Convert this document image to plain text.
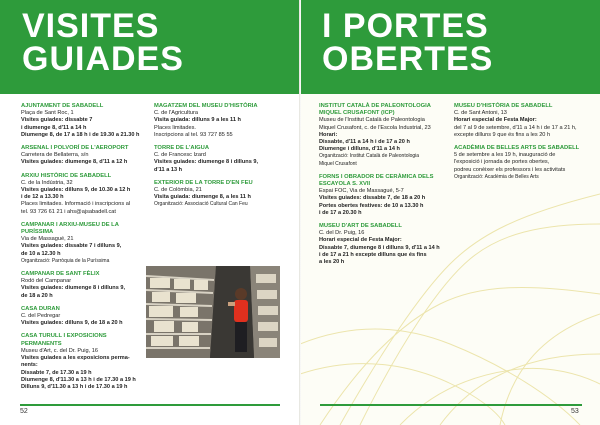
VISITES
GUIADES
AJUNTAMENT DE SABADELL
Plaça de Sant Roc, 1
Visites guiades: dissabte 7
i diumenge 8, d'11 a 14 h
Diumenge 8, de 17 a 18 h i de 19.30 a 21.30 h
ARSENAL I POLVORÍ DE L'AEROPORT
Carretera de Bellaterra, s/n
Visites guiades: diumenge 8, d'11 a 12 h
ARXIU HISTÒRIC DE SABADELL
C. de la Indústria, 32
Visites guiades: dilluns 9, de 10.30 a 12 h
i de 12 a 13.30 h
Places limitades. Informació i inscripcions al
tel. 93 726 61 21 i ahs@ajsabadell.cat
CAMPANAR I ARXIU-MUSEU DE LA PURÍSSIMA
Via de Massagué, 21
Visites guiades: dissabte 7 i dilluns 9,
de 10 a 12.30 h
Organització: Parròquia de la Puríssima
CAMPANAR DE SANT FÈLIX
Rodó del Campanar
Visites guiades: diumenge 8 i dilluns 9,
de 18 a 20 h
CASA DURAN
C. del Pedregar
Visites guiades: dilluns 9, de 18 a 20 h
CASA TURULL I EXPOSICIONS PERMANENTS
Museu d'Art, c. del Dr. Puig, 16
Visites guiades a les exposicions perma-
nents:
Dissabte 7, de 17.30 a 19 h
Diumenge 8, d'11.30 a 13 h i de 17.30 a 19 h
Dilluns 9, d'11.30 a 13 h i de 17.30 a 19 h
MAGATZEM DEL MUSEU D'HISTÒRIA
C. de l'Agricultura
Visita guiada: dilluns 9 a les 11 h
Places limitades.
Inscripcions al tel. 93 727 85 55
TORRE DE L'AIGUA
C. de Francesc Izard
Visites guiades: diumenge 8 i dilluns 9,
d'11 a 13 h
EXTERIOR DE LA TORRE D'EN FEU
C. de Colòmbia, 21
Visita guiada: diumenge 8, a les 11 h
Organització: Associació Cultural Can Feu
52
I PORTES
OBERTES
INSTITUT CATALÀ DE PALEONTOLOGIA MIQUEL CRUSAFONT (ICP)
Museu de l'Institut Català de Paleontologia
Miquel Crusafont, c. de l'Escola Industrial, 23
Horari:
Dissabte, d'11 a 14 h i de 17 a 20 h
Diumenge i dilluns, d'11 a 14 h
Organització: Institut Català de Paleontologia
Miquel Crusafont
FORNS I OBRADOR DE CERÀMICA DELS ESCAYOLA S. XVII
Espai FOC, Via de Massagué, 5-7
Visites guiades: dissabte 7, de 18 a 20 h
Portes obertes festives: de 10 a 13.30 h
i de 17 a 20.30 h
MUSEU D'ART DE SABADELL
C. del Dr. Puig, 16
Horari especial de Festa Major:
Dissabte 7, diumenge 8 i dilluns 9, d'11 a 14 h
i de 17 a 21 h excepte dilluns que és fins
a les 20 h
MUSEU D'HISTÒRIA DE SABADELL
C. de Sant Antoni, 13
Horari especial de Festa Major:
del 7 al 9 de setembre, d'11 a 14 h i de 17 a 21 h,
excepte dilluns 9 que és fins a les 20 h
ACADÈMIA DE BELLES ARTS DE SABADELL
5 de setembre a les 19 h, inauguració de
l'exposició i jornada de portes obertes,
podreu conèixer els professors i les activitats
Organització: Acadèmia de Belles Arts
53
